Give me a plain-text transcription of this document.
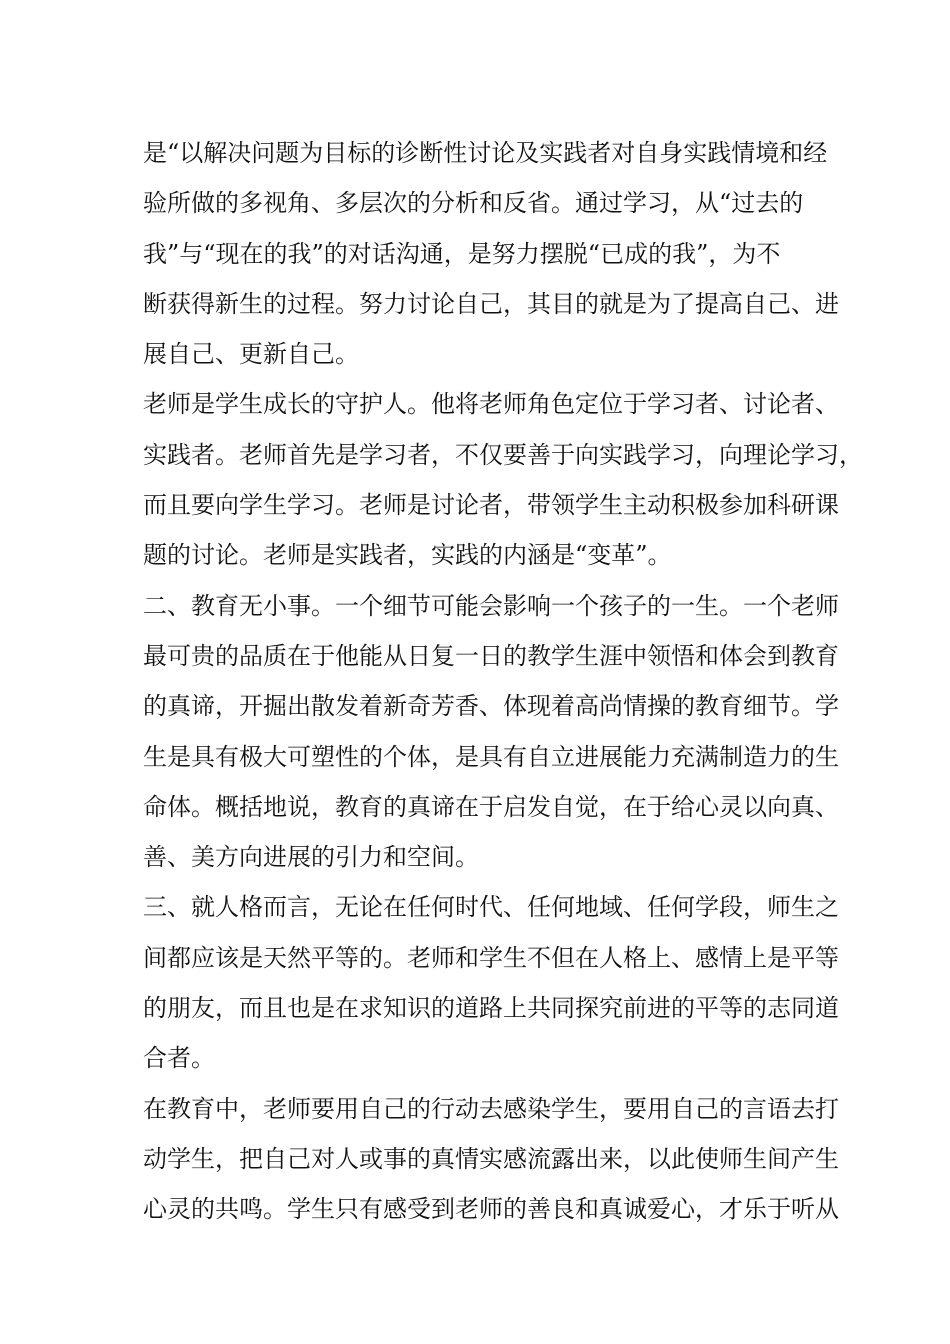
是“以解决问题为目标的诊断性讨论及实践者对自身实践情境和经
验所做的多视角、多层次的分析和反省。通过学习，从“过去的
我”与“现在的我”的对话沟通，是努力摆脱“已成的我”，为不
断获得新生的过程。努力讨论自己，其目的就是为了提高自己、进
展自己、更新自己。
老师是学生成长的守护人。他将老师角色定位于学习者、讨论者、
实践者。老师首先是学习者，不仅要善于向实践学习，向理论学习，
而且要向学生学习。老师是讨论者，带领学生主动积极参加科研课
题的讨论。老师是实践者，实践的内涵是“变革”。
二、教育无小事。一个细节可能会影响一个孩子的一生。一个老师
最可贵的品质在于他能从日复一日的教学生涯中领悟和体会到教育
的真谛，开掘出散发着新奇芳香、体现着高尚情操的教育细节。学
生是具有极大可塑性的个体，是具有自立进展能力充满制造力的生
命体。概括地说，教育的真谛在于启发自觉，在于给心灵以向真、
善、美方向进展的引力和空间。
三、就人格而言，无论在任何时代、任何地域、任何学段，师生之
间都应该是天然平等的。老师和学生不但在人格上、感情上是平等
的朋友，而且也是在求知识的道路上共同探究前进的平等的志同道
合者。
在教育中，老师要用自己的行动去感染学生，要用自己的言语去打
动学生，把自己对人或事的真情实感流露出来，以此使师生间产生
心灵的共鸣。学生只有感受到老师的善良和真诚爱心，才乐于听从
